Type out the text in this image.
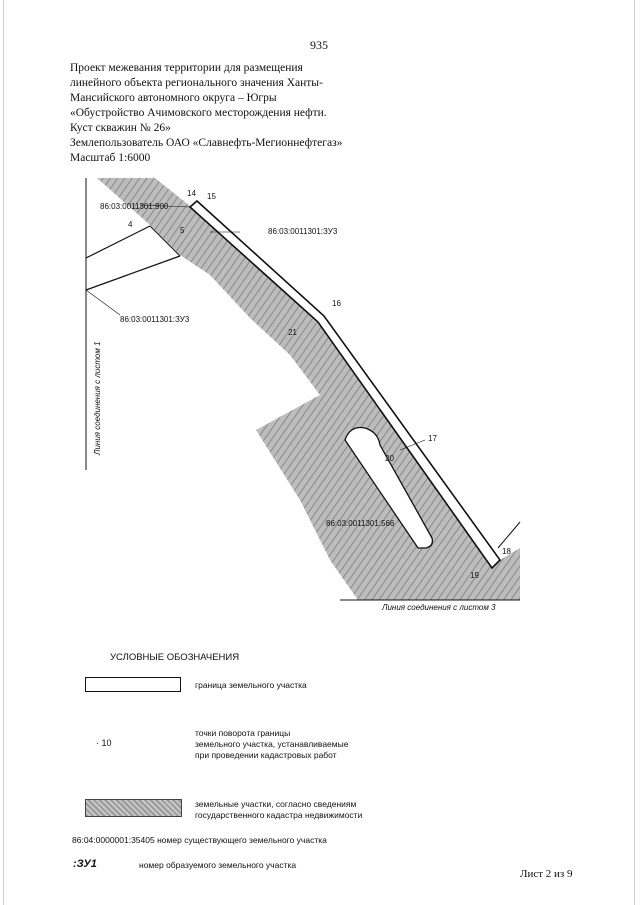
935
Проект межевания территории для размещения
линейного объекта регионального значения Ханты-
Мансийского автономного округа – Югры
«Обустройство Ачимовского месторождения нефти.
Куст скважин № 26»
Землепользователь ОАО «Славнефть-Мегионнефтегаз»
Масштаб 1:6000
86:03:0011301:900
86:03:0011301:ЗУ3
86:03:0011301:ЗУ3
86:03:0011301:566
4
5
14 15
16
21
17
20
18
19
Линия соединения с листом 1
Линия соединения с листом 3
УСЛОВНЫЕ ОБОЗНАЧЕНИЯ
граница земельного участка
· 10
точки поворота границы
земельного участка, устанавливаемые
при проведении кадастровых работ
земельные участки, согласно сведениям
государственного кадастра недвижимости
86:04:0000001:35405 номер существующего земельного участка
:ЗУ1	номер образуемого земельного участка
Лист 2 из 9
